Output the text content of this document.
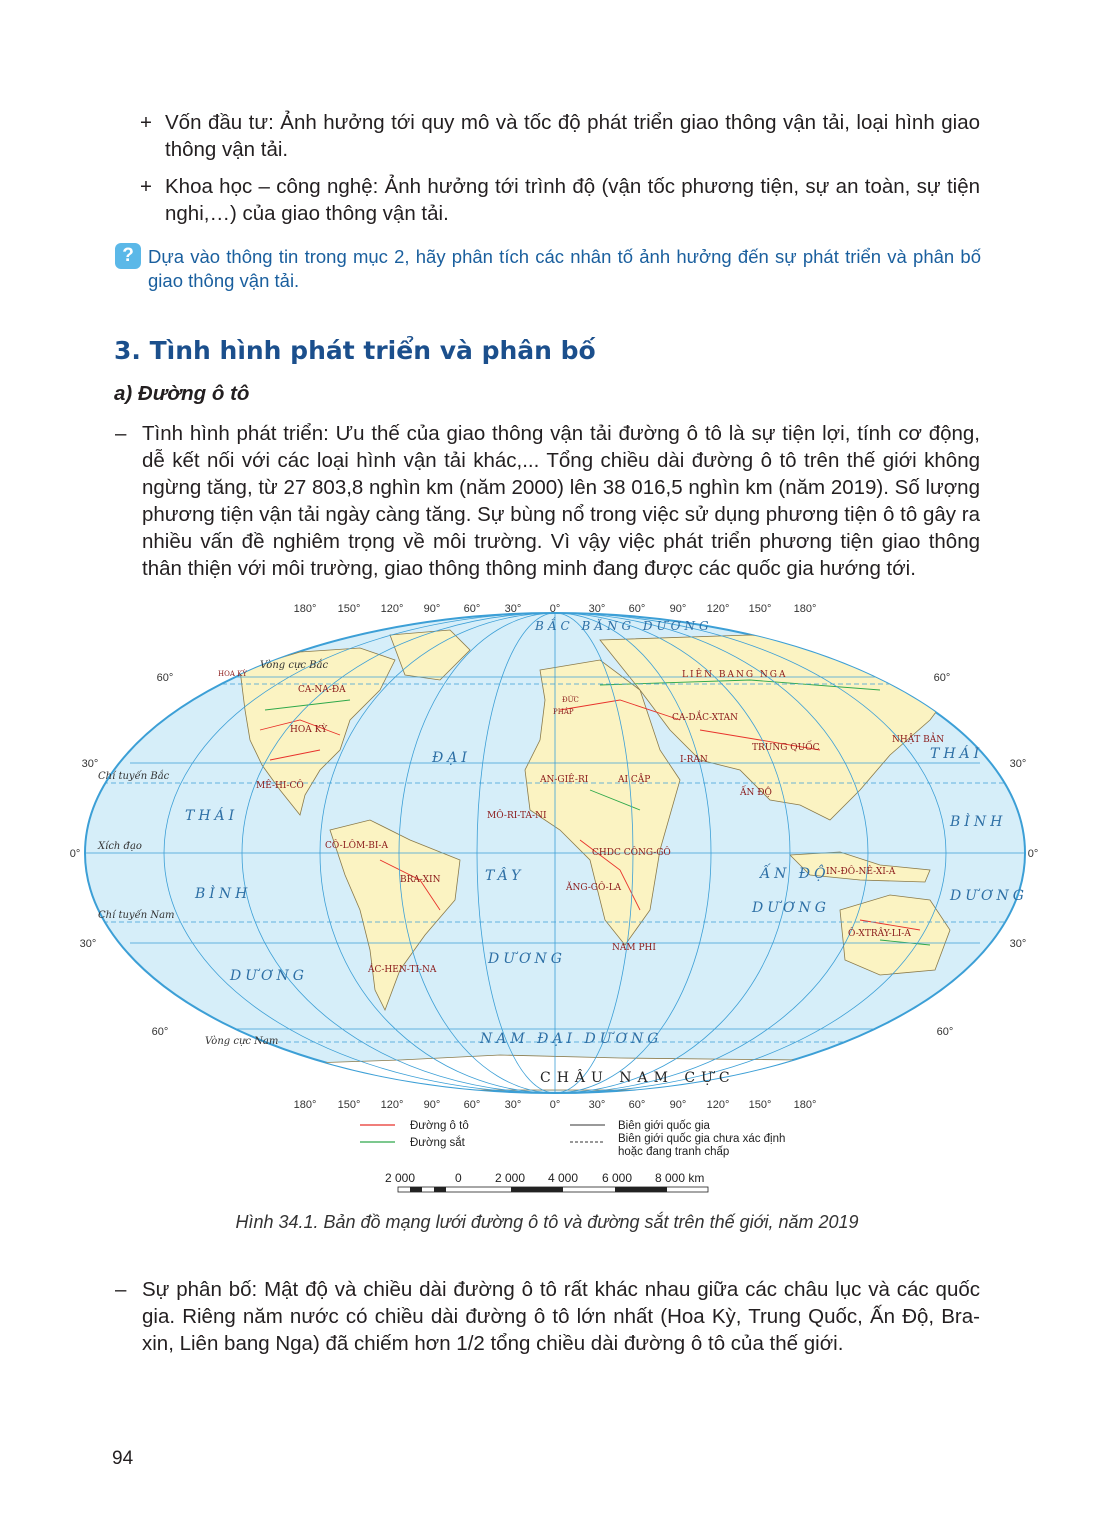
+ Vốn đầu tư: Ảnh hưởng tới quy mô và tốc độ phát triển giao thông vận tải, loại hình giao thông vận tải.
+ Khoa học – công nghệ: Ảnh hưởng tới trình độ (vận tốc phương tiện, sự an toàn, sự tiện nghi,…) của giao thông vận tải.
? Dựa vào thông tin trong mục 2, hãy phân tích các nhân tố ảnh hưởng đến sự phát triển và phân bố giao thông vận tải.
3. Tình hình phát triển và phân bố
a) Đường ô tô
– Tình hình phát triển: Ưu thế của giao thông vận tải đường ô tô là sự tiện lợi, tính cơ động, dễ kết nối với các loại hình vận tải khác,... Tổng chiều dài đường ô tô trên thế giới không ngừng tăng, từ 27 803,8 nghìn km (năm 2000) lên 38 016,5 nghìn km (năm 2019). Số lượng phương tiện vận tải ngày càng tăng. Sự bùng nổ trong việc sử dụng phương tiện ô tô gây ra nhiều vấn đề nghiêm trọng về môi trường. Vì vậy việc phát triển phương tiện giao thông thân thiện với môi trường, giao thông thông minh đang được các quốc gia hướng tới.
180° 150° 120° 90° 60° 30°	0°	30° 60° 90° 120° 150° 180°
180° 150° 120° 90° 60° 30°	0°	30° 60° 90° 120° 150° 180°
60°
30°
0°
30°
60°
60°
30°
0°
30°
60°
Vòng cực Bắc
Chí tuyến Bắc
Xích đạo
Chí tuyến Nam
Vòng cực Nam
BẮC BĂNG DƯƠNG
ĐẠI
TÂY
DƯƠNG
THÁI
BÌNH
DƯƠNG
THÁI
BÌNH
DƯƠNG
ẤN ĐỘ
DƯƠNG
NAM ĐẠI DƯƠNG
CHÂU NAM CỰC
CA-NA-ĐA
HOA KỲ
MÊ-HI-CÔ
CÔ-LÔM-BI-A
BRA-XIN
ÁC-HEN-TI-NA
LIÊN BANG NGA
CA-DẮC-XTAN
TRUNG QUỐC
NHẬT BẢN
I-RAN
ẤN ĐỘ
AN-GIÊ-RI	AI CẬP
MÔ-RI-TA-NI
CHDC CÔNG-GÔ
ĂNG-GÔ-LA
NAM PHI
IN-ĐÔ-NÊ-XI-A
Ô-XTRÂY-LI-A
HOA KỲ
ĐỨC
PHÁP
Đường ô tô
Đường sắt
Biên giới quốc gia
Biên giới quốc gia chưa xác định
hoặc đang tranh chấp
2 000	0	2 000 4 000 6 000 8 000 km
Hình 34.1. Bản đồ mạng lưới đường ô tô và đường sắt trên thế giới, năm 2019
– Sự phân bố: Mật độ và chiều dài đường ô tô rất khác nhau giữa các châu lục và các quốc gia. Riêng năm nước có chiều dài đường ô tô lớn nhất (Hoa Kỳ, Trung Quốc, Ấn Độ, Bra-xin, Liên bang Nga) đã chiếm hơn 1/2 tổng chiều dài đường ô tô của thế giới.
94
